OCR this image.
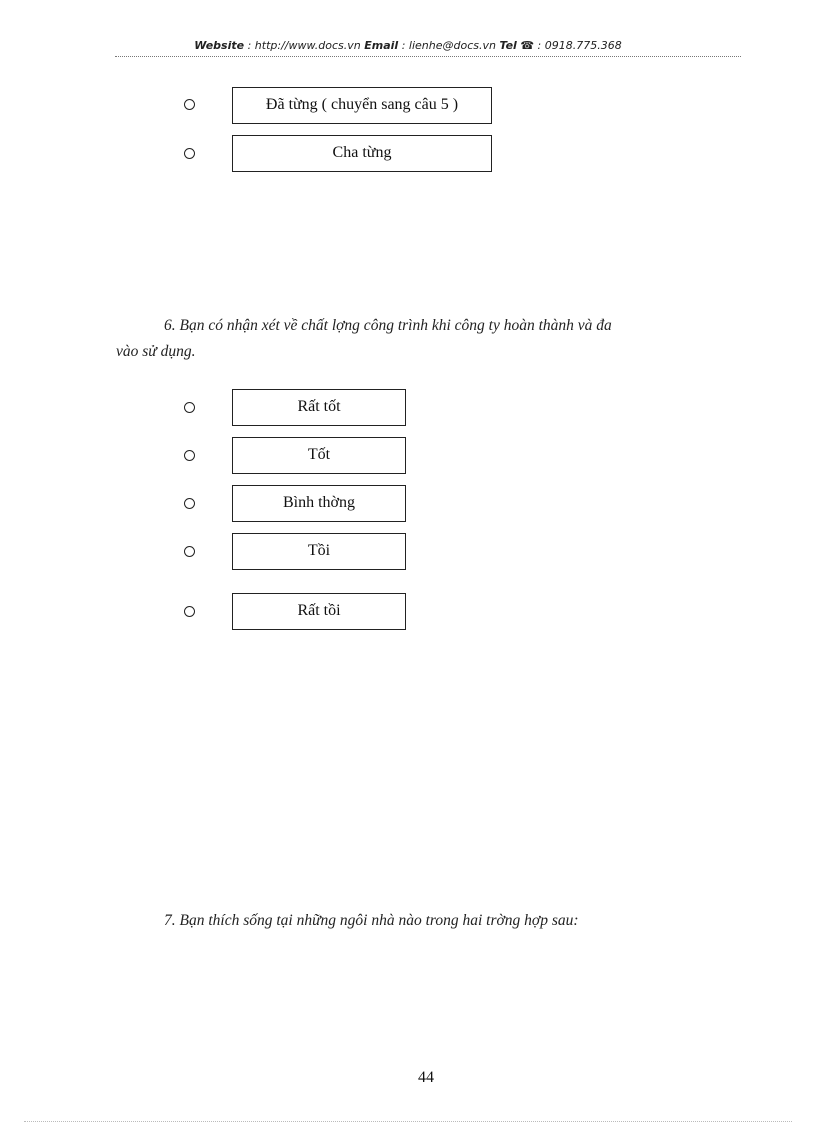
Website : http://www.docs.vn Email : lienhe@docs.vn Tel ☎ : 0918.775.368
Đã từng ( chuyển sang câu 5 )
Cha từng
6. Bạn có nhận xét về chất lợng công trình khi công ty hoàn thành và đa
vào sử dụng.
Rất tốt
Tốt
Bình thờng
Tồi
Rất tồi
7. Bạn thích sống tại những ngôi nhà nào trong hai trờng hợp sau:
44
